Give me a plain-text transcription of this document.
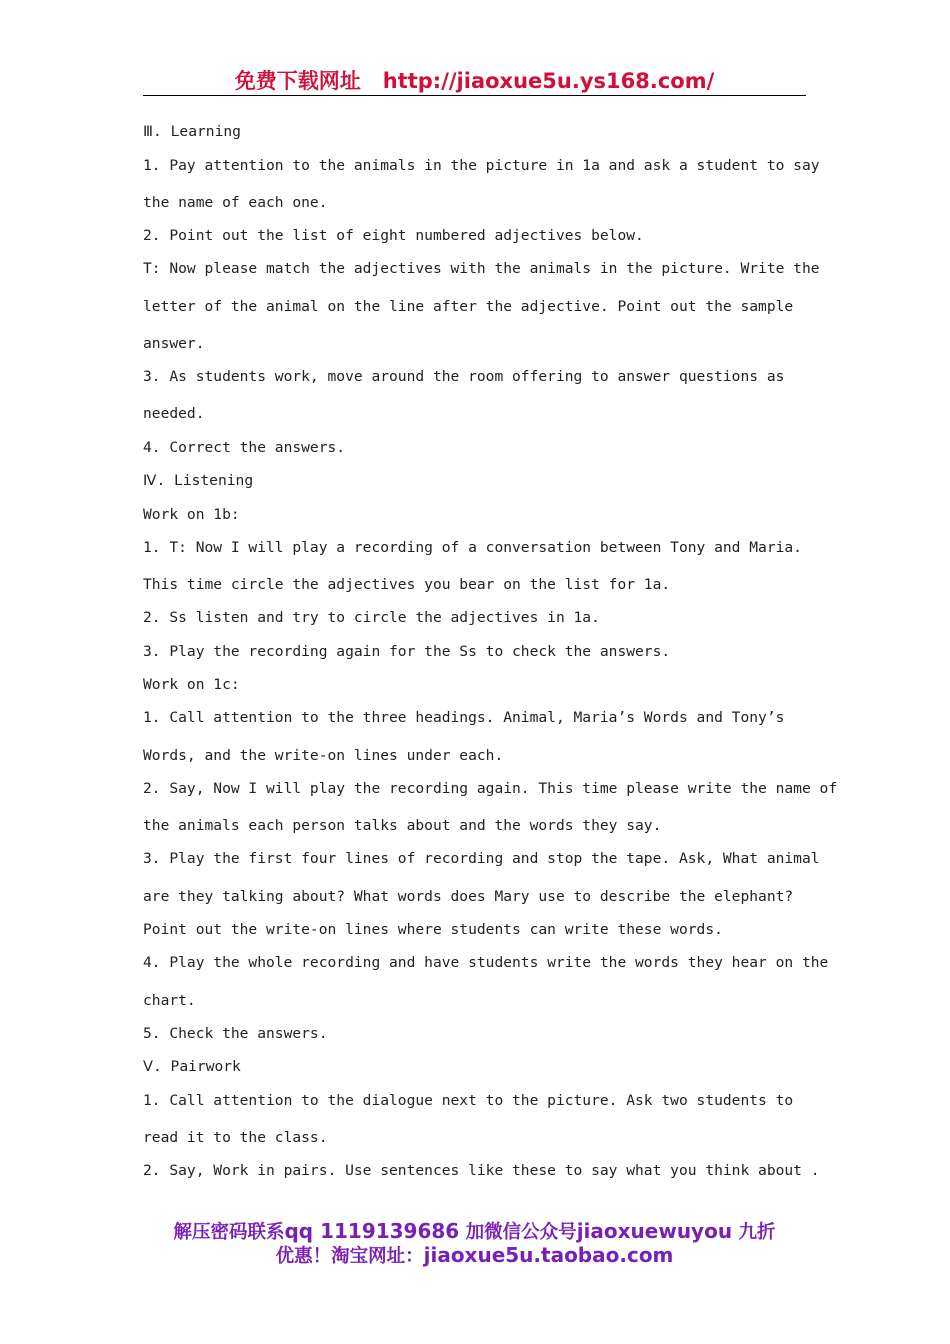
免费下载网址 http://jiaoxue5u.ys168.com/
Ⅲ. Learning
1. Pay attention to the animals in the picture in 1a and ask a student to say
the name of each one.
2. Point out the list of eight numbered adjectives below.
T: Now please match the adjectives with the animals in the picture. Write the
letter of the animal on the line after the adjective. Point out the sample
answer.
3. As students work, move around the room offering to answer questions as
needed.
4. Correct the answers.
Ⅳ. Listening
Work on 1b:
1. T: Now I will play a recording of a conversation between Tony and Maria.
This time circle the adjectives you bear on the list for 1a.
2. Ss listen and try to circle the adjectives in 1a.
3. Play the recording again for the Ss to check the answers.
Work on 1c:
1. Call attention to the three headings. Animal, Maria’s Words and Tony’s
Words, and the write-on lines under each.
2. Say, Now I will play the recording again. This time please write the name of
the animals each person talks about and the words they say.
3. Play the first four lines of recording and stop the tape. Ask, What animal
are they talking about? What words does Mary use to describe the elephant?
Point out the write-on lines where students can write these words.
4. Play the whole recording and have students write the words they hear on the
chart.
5. Check the answers.
Ⅴ. Pairwork
1. Call attention to the dialogue next to the picture. Ask two students to
read it to the class.
2. Say, Work in pairs. Use sentences like these to say what you think about .
解压密码联系qq 1119139686 加微信公众号jiaoxuewuyou 九折
优惠！淘宝网址：jiaoxue5u.taobao.com
